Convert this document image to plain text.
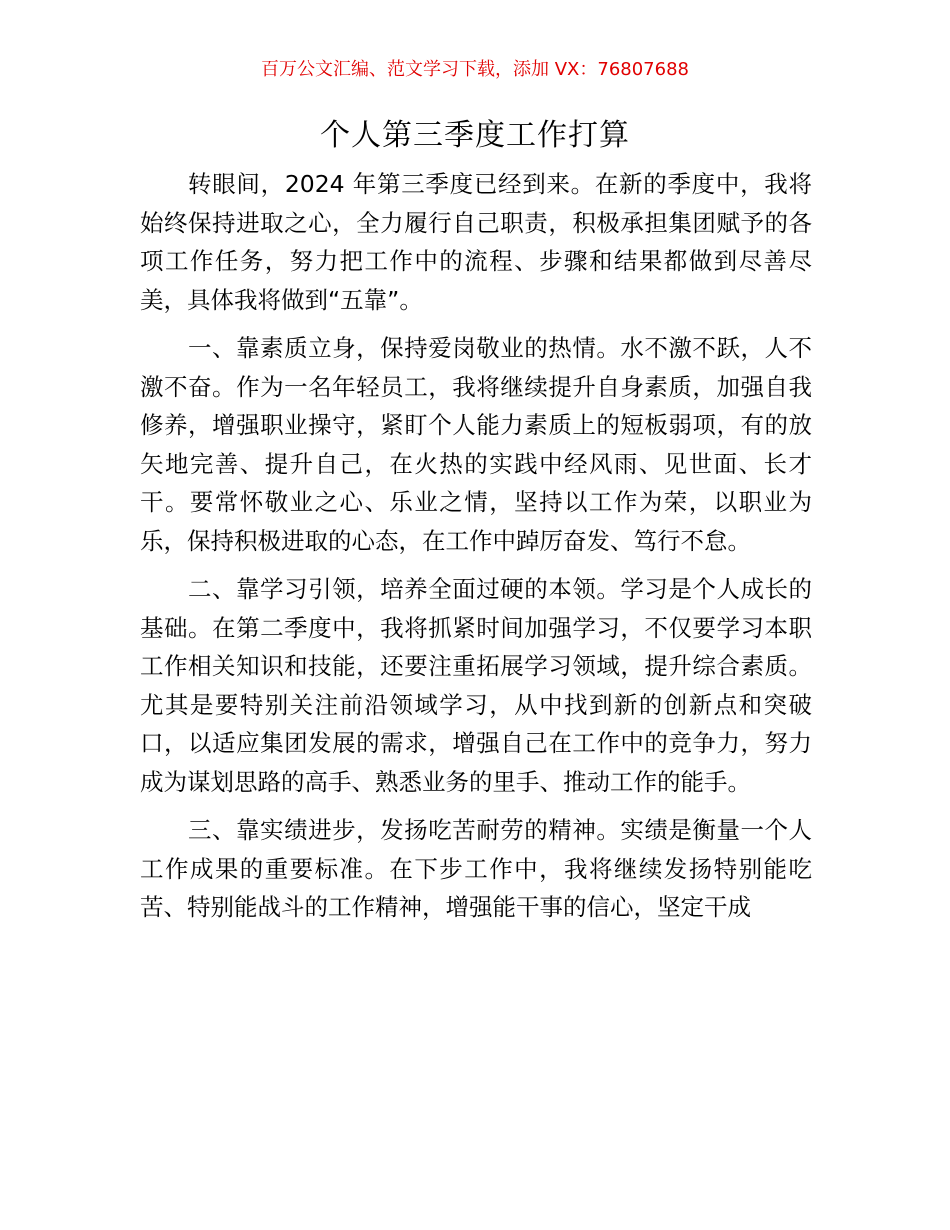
百万公文汇编、范文学习下载，添加 VX：76807688
个人第三季度工作打算

转眼间，2024 年第三季度已经到来。在新的季度中，我将始终保持进取之心，全力履行自己职责，积极承担集团赋予的各项工作任务，努力把工作中的流程、步骤和结果都做到尽善尽美，具体我将做到“五靠”。

一、靠素质立身，保持爱岗敬业的热情。水不激不跃，人不激不奋。作为一名年轻员工，我将继续提升自身素质，加强自我修养，增强职业操守，紧盯个人能力素质上的短板弱项，有的放矢地完善、提升自己，在火热的实践中经风雨、见世面、长才干。要常怀敬业之心、乐业之情，坚持以工作为荣，以职业为乐，保持积极进取的心态，在工作中踔厉奋发、笃行不怠。

二、靠学习引领，培养全面过硬的本领。学习是个人成长的基础。在第二季度中，我将抓紧时间加强学习，不仅要学习本职工作相关知识和技能，还要注重拓展学习领域，提升综合素质。尤其是要特别关注前沿领域学习，从中找到新的创新点和突破口，以适应集团发展的需求，增强自己在工作中的竞争力，努力成为谋划思路的高手、熟悉业务的里手、推动工作的能手。

三、靠实绩进步，发扬吃苦耐劳的精神。实绩是衡量一个人工作成果的重要标准。在下步工作中，我将继续发扬特别能吃苦、特别能战斗的工作精神，增强能干事的信心，坚定干成
